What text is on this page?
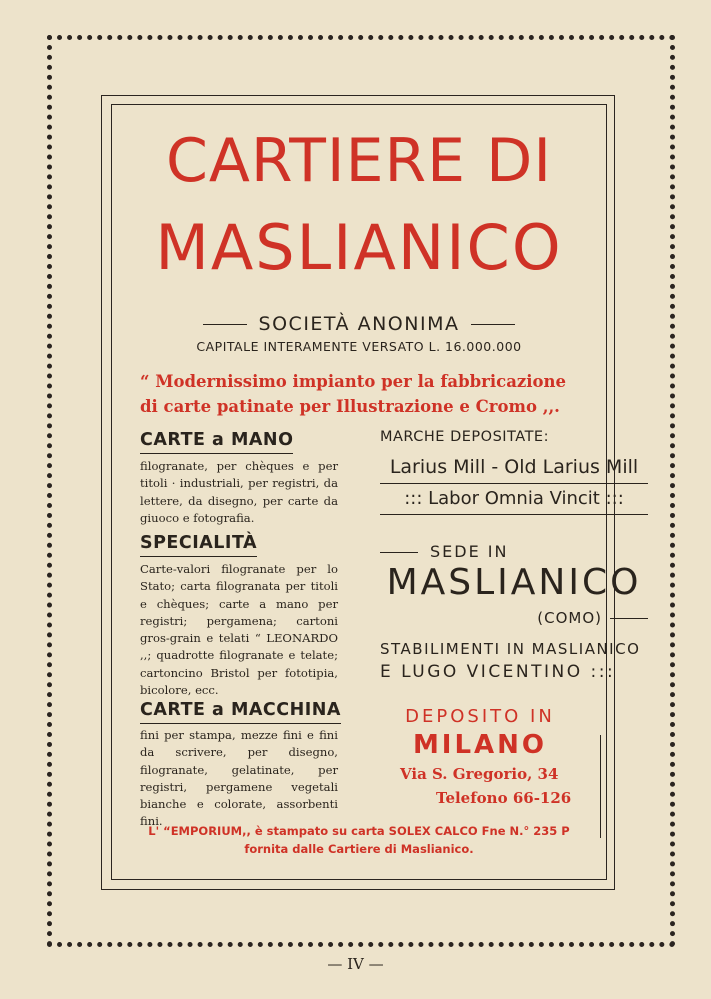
CARTIERE DI
MASLIANICO
SOCIETÀ ANONIMA
CAPITALE INTERAMENTE VERSATO L. 16.000.000
“ Modernissimo impianto per la fabbricazione
di carte patinate per Illustrazione e Cromo ,,.
CARTE a MANO

filogranate, per chèques e per titoli · industriali, per registri, da lettere, da disegno, per carte da giuoco e fotografia.

SPECIALITÀ

Carte-valori filogranate per lo Stato; carta filogranata per titoli e chèques; carte a mano per registri; pergamena; cartoni gros-grain e telati “ LEONARDO ,,; quadrotte filogranate e telate; cartoncino Bristol per fototipia, bicolore, ecc.

CARTE a MACCHINA

fini per stampa, mezze fini e fini da scrivere, per disegno, filogranate, gelatinate, per registri, pergamene vegetali bianche e colorate, assorbenti fini.

MARCHE DEPOSITATE:
Larius Mill - Old Larius Mill
::: Labor Omnia Vincit :::
SEDE IN
MASLIANICO
(COMO)
STABILIMENTI IN MASLIANICO
E LUGO VICENTINO :::
DEPOSITO IN
MILANO
Via S. Gregorio, 34
Telefono 66-126
L' “EMPORIUM,, è stampato su carta SOLEX CALCO Fne N.° 235 P
fornita dalle Cartiere di Maslianico.
— IV —
